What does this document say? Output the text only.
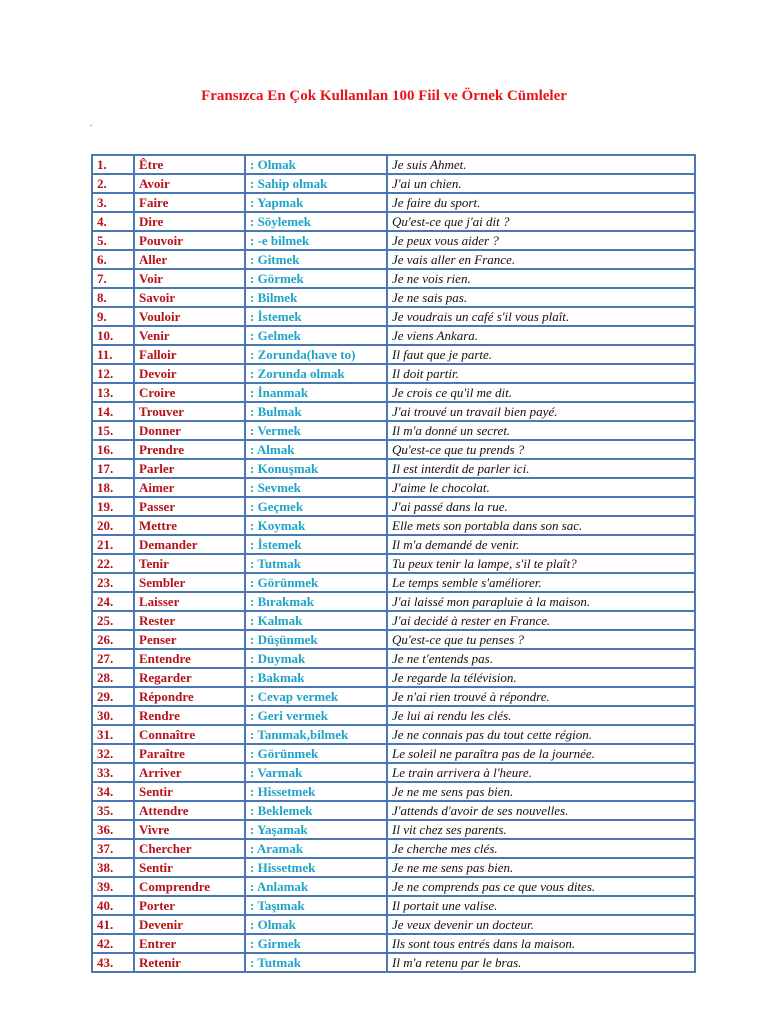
Fransızca En Çok Kullanılan 100 Fiil ve Örnek Cümleler
.
1.	Être	: Olmak	Je suis Ahmet.
2.	Avoir	: Sahip olmak	J'ai un chien.
3.	Faire	: Yapmak	Je faire du sport.
4.	Dire	: Söylemek	Qu'est-ce que j'ai dit ?
5.	Pouvoir	: -e bilmek	Je peux vous aider ?
6.	Aller	: Gitmek	Je vais aller en France.
7.	Voir	: Görmek	Je ne vois rien.
8.	Savoir	: Bilmek	Je ne sais pas.
9.	Vouloir	: İstemek	Je voudrais un café s'il vous plaît.
10.	Venir	: Gelmek	Je viens Ankara.
11.	Falloir	: Zorunda(have to)	Il faut que je parte.
12.	Devoir	: Zorunda olmak	Il doit partir.
13.	Croire	: İnanmak	Je crois ce qu'il me dit.
14.	Trouver	: Bulmak	J'ai trouvé un travail bien payé.
15.	Donner	: Vermek	Il m'a donné un secret.
16.	Prendre	: Almak	Qu'est-ce que tu prends ?
17.	Parler	: Konuşmak	Il est interdit de parler ici.
18.	Aimer	: Sevmek	J'aime le chocolat.
19.	Passer	: Geçmek	J'ai passé dans la rue.
20.	Mettre	: Koymak	Elle mets son portabla dans son sac.
21.	Demander	: İstemek	Il m'a demandé de venir.
22.	Tenir	: Tutmak	Tu peux tenir la lampe, s'il te plaît?
23.	Sembler	: Görünmek	Le temps semble s'améliorer.
24.	Laisser	: Bırakmak	J'ai laissé mon parapluie à la maison.
25.	Rester	: Kalmak	J'ai decidé à rester en France.
26.	Penser	: Düşünmek	Qu'est-ce que tu penses ?
27.	Entendre	: Duymak	Je ne t'entends pas.
28.	Regarder	: Bakmak	Je regarde la télévision.
29.	Répondre	: Cevap vermek	Je n'ai rien trouvé à répondre.
30.	Rendre	: Geri vermek	Je lui ai rendu les clés.
31.	Connaître	: Tanımak,bilmek	Je ne connais pas du tout cette région.
32.	Paraître	: Görünmek	Le soleil ne paraîtra pas de la journée.
33.	Arriver	: Varmak	Le train arrivera à l'heure.
34.	Sentir	: Hissetmek	Je ne me sens pas bien.
35.	Attendre	: Beklemek	J'attends d'avoir de ses nouvelles.
36.	Vivre	: Yaşamak	Il vit chez ses parents.
37.	Chercher	: Aramak	Je cherche mes clés.
38.	Sentir	: Hissetmek	Je ne me sens pas bien.
39.	Comprendre	: Anlamak	Je ne comprends pas ce que vous dites.
40.	Porter	: Taşımak	Il portait une valise.
41.	Devenir	: Olmak	Je veux devenir un docteur.
42.	Entrer	: Girmek	Ils sont tous entrés dans la maison.
43.	Retenir	: Tutmak	Il m'a retenu par le bras.
